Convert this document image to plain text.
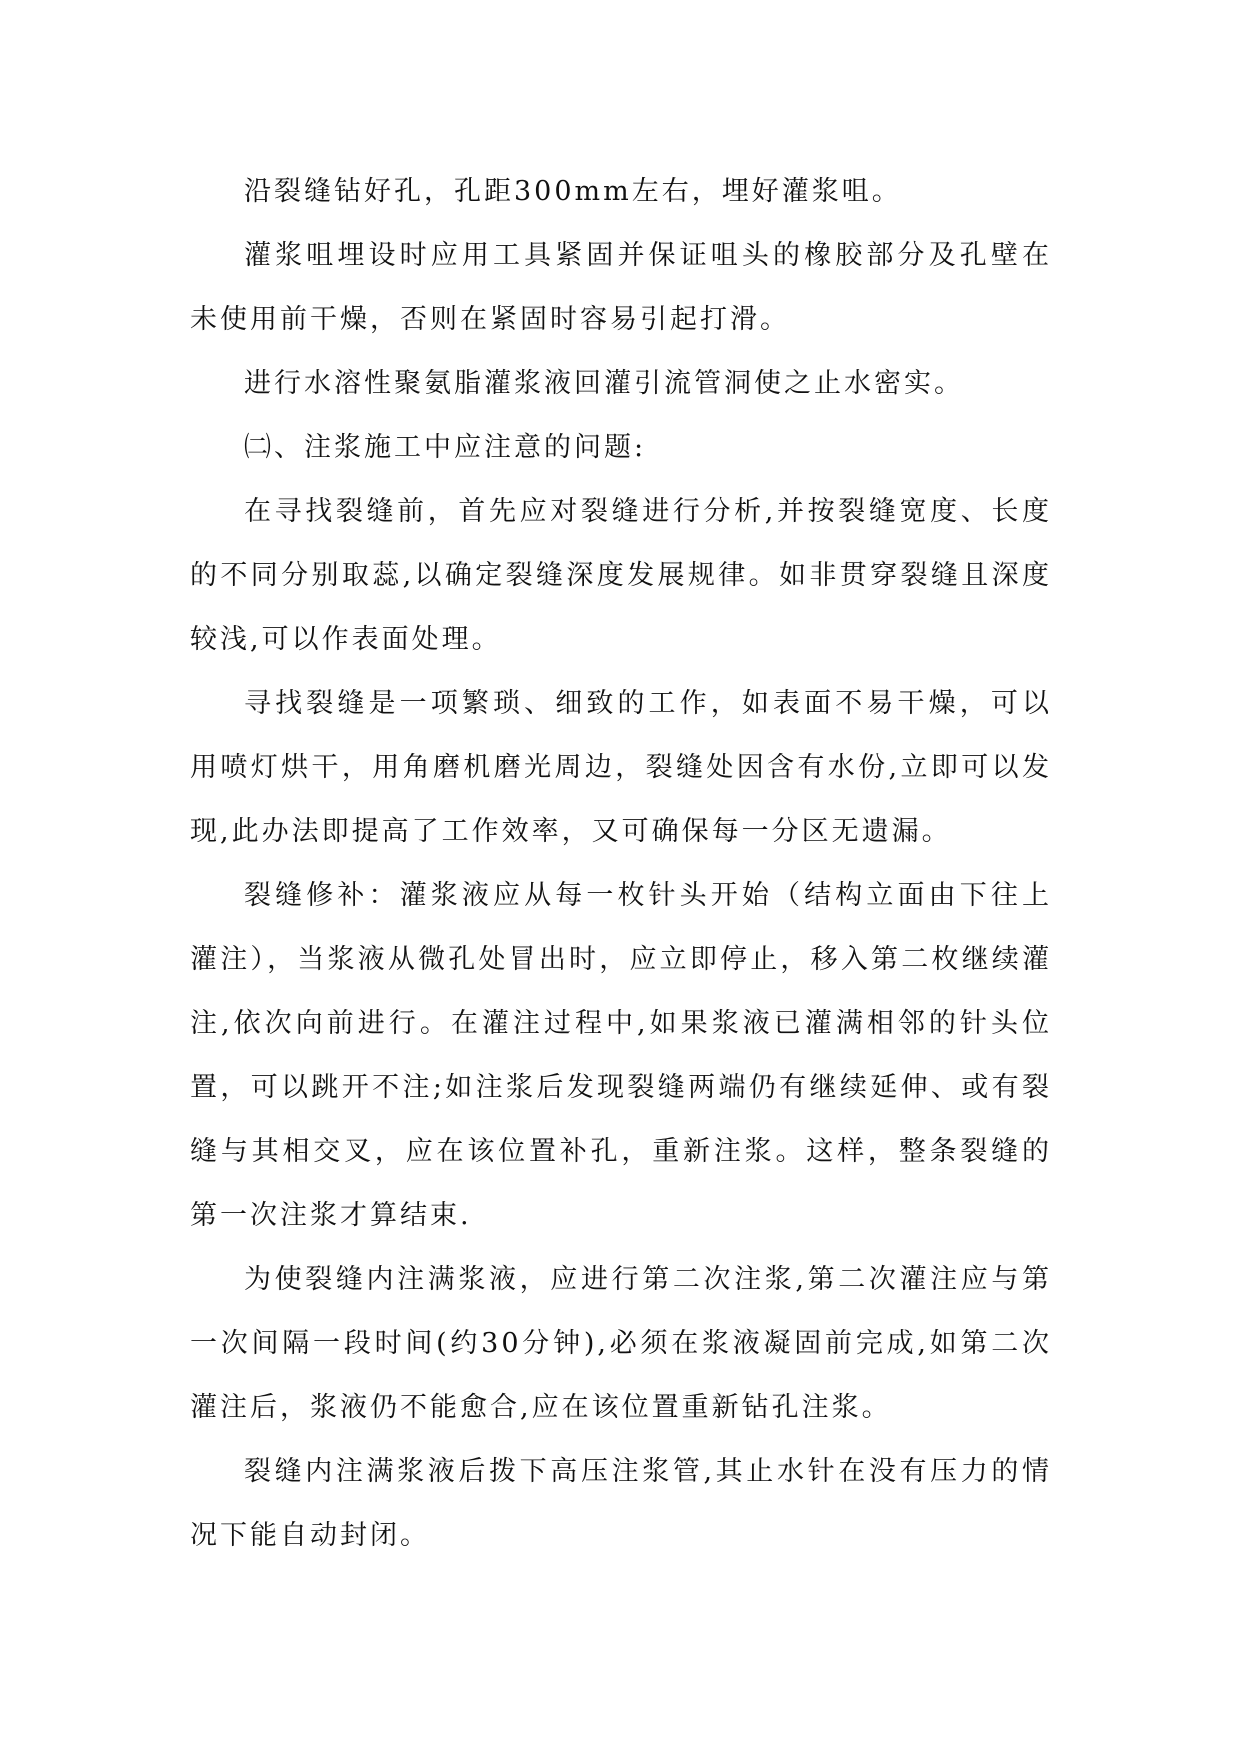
沿裂缝钻好孔，孔距300mm左右，埋好灌浆咀。

灌浆咀埋设时应用工具紧固并保证咀头的橡胶部分及孔壁在未使用前干燥，否则在紧固时容易引起打滑。

进行水溶性聚氨脂灌浆液回灌引流管洞使之止水密实。

㈡、注浆施工中应注意的问题:

在寻找裂缝前，首先应对裂缝进行分析,并按裂缝宽度、长度的不同分别取蕊,以确定裂缝深度发展规律。如非贯穿裂缝且深度较浅,可以作表面处理。

寻找裂缝是一项繁琐、细致的工作，如表面不易干燥，可以用喷灯烘干，用角磨机磨光周边，裂缝处因含有水份,立即可以发现,此办法即提高了工作效率，又可确保每一分区无遗漏。

裂缝修补：灌浆液应从每一枚针头开始（结构立面由下往上灌注），当浆液从微孔处冒出时，应立即停止，移入第二枚继续灌注,依次向前进行。在灌注过程中,如果浆液已灌满相邻的针头位置，可以跳开不注;如注浆后发现裂缝两端仍有继续延伸、或有裂缝与其相交叉，应在该位置补孔，重新注浆。这样，整条裂缝的第一次注浆才算结束.

为使裂缝内注满浆液，应进行第二次注浆,第二次灌注应与第一次间隔一段时间(约30分钟),必须在浆液凝固前完成,如第二次灌注后，浆液仍不能愈合,应在该位置重新钻孔注浆。

裂缝内注满浆液后拨下高压注浆管,其止水针在没有压力的情况下能自动封闭。
